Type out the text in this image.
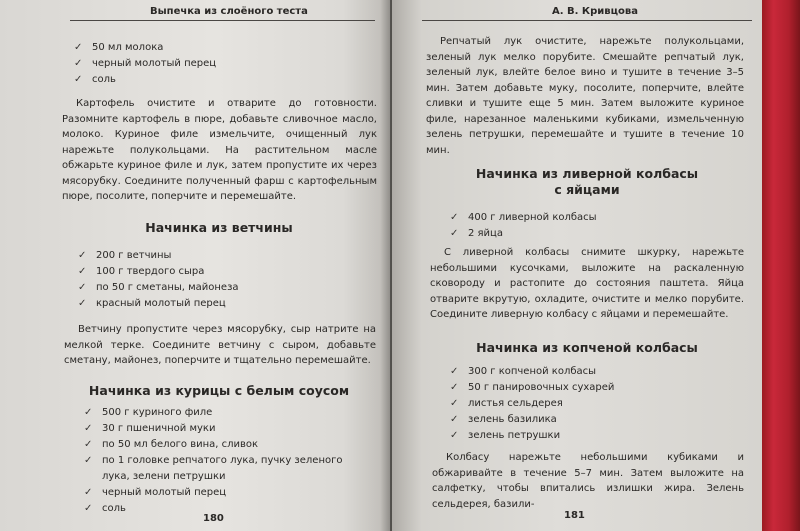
Выпечка из слоёного теста
✓ 50 мл молока
✓ черный молотый перец
✓ соль

Картофель очистите и отварите до готовности. Разомните картофель в пюре, добавьте сливочное масло, молоко. Куриное филе измельчите, очищенный лук нарежьте полукольцами. На растительном масле обжарьте куриное филе и лук, затем пропустите их через мясорубку. Соедините полученный фарш с картофельным пюре, посолите, поперчите и перемешайте.

Начинка из ветчины
✓ 200 г ветчины
✓ 100 г твердого сыра
✓ по 50 г сметаны, майонеза
✓ красный молотый перец

Ветчину пропустите через мясорубку, сыр натрите на мелкой терке. Соедините ветчину с сыром, добавьте сметану, майонез, поперчите и тщательно перемешайте.

Начинка из курицы с белым соусом
✓ 500 г куриного филе
✓ 30 г пшеничной муки
✓ по 50 мл белого вина, сливок
✓ по 1 головке репчатого лука, пучку зеленого лука, зелени петрушки
✓ черный молотый перец
✓ соль
180
А. В. Кривцова

Репчатый лук очистите, нарежьте полукольцами, зеленый лук мелко порубите. Смешайте репчатый лук, зеленый лук, влейте белое вино и тушите в течение 3–5 мин. Затем добавьте муку, посолите, поперчите, влейте сливки и тушите еще 5 мин. Затем выложите куриное филе, нарезанное маленькими кубиками, измельченную зелень петрушки, перемешайте и тушите в течение 10 мин.

Начинка из ливерной колбасы
с яйцами
✓ 400 г ливерной колбасы
✓ 2 яйца

С ливерной колбасы снимите шкурку, нарежьте небольшими кусочками, выложите на раскаленную сковороду и растопите до состояния паштета. Яйца отварите вкрутую, охладите, очистите и мелко порубите. Соедините ливерную колбасу с яйцами и перемешайте.

Начинка из копченой колбасы
✓ 300 г копченой колбасы
✓ 50 г панировочных сухарей
✓ листья сельдерея
✓ зелень базилика
✓ зелень петрушки

Колбасу нарежьте небольшими кубиками и обжаривайте в течение 5–7 мин. Затем выложите на салфетку, чтобы впитались излишки жира. Зелень сельдерея, базили-

181
